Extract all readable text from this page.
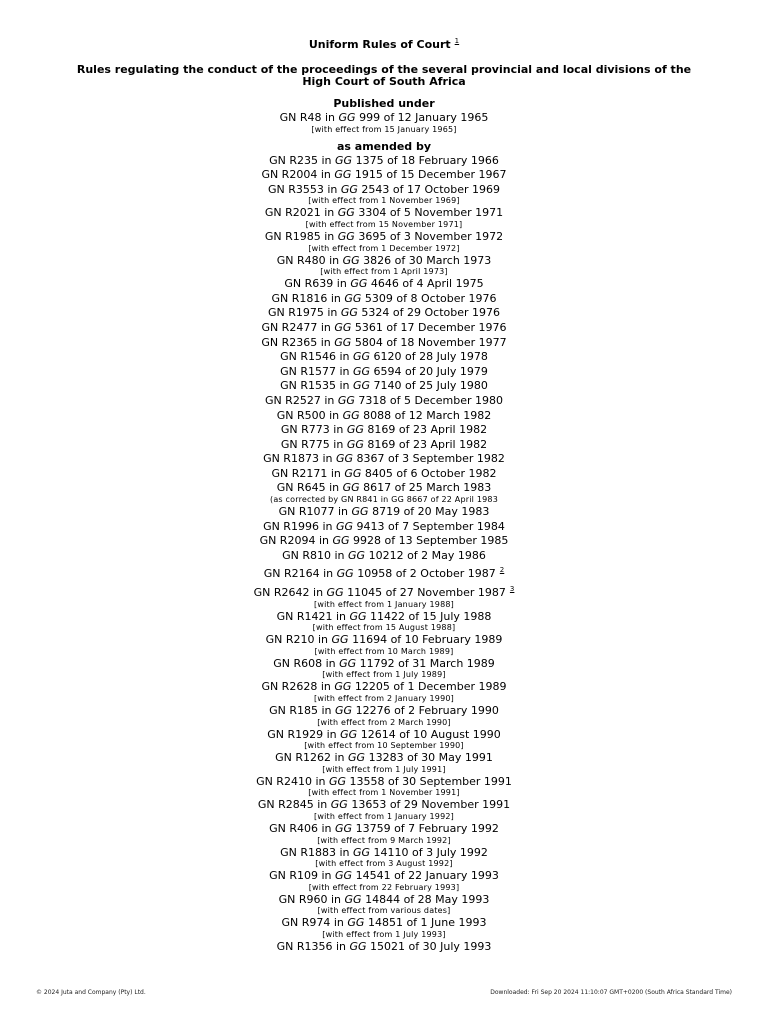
Uniform Rules of Court $^1$

Rules regulating the conduct of the proceedings of the several provincial and local divisions of the High Court of South Africa

Published under

GN R48 in GG 999 of 12 January 1965

[with effect from 15 January 1965]

as amended by

GN R235 in GG 1375 of 18 February 1966

GN R2004 in GG 1915 of 15 December 1967

GN R3553 in GG 2543 of 17 October 1969

[with effect from 1 November 1969]

GN R2021 in GG 3304 of 5 November 1971

[with effect from 15 November 1971]

GN R1985 in GG 3695 of 3 November 1972

[with effect from 1 December 1972]

GN R480 in GG 3826 of 30 March 1973

[with effect from 1 April 1973]

GN R639 in GG 4646 of 4 April 1975

GN R1816 in GG 5309 of 8 October 1976

GN R1975 in GG 5324 of 29 October 1976

GN R2477 in GG 5361 of 17 December 1976

GN R2365 in GG 5804 of 18 November 1977

GN R1546 in GG 6120 of 28 July 1978

GN R1577 in GG 6594 of 20 July 1979

GN R1535 in GG 7140 of 25 July 1980

GN R2527 in GG 7318 of 5 December 1980

GN R500 in GG 8088 of 12 March 1982

GN R773 in GG 8169 of 23 April 1982

GN R775 in GG 8169 of 23 April 1982

GN R1873 in GG 8367 of 3 September 1982

GN R2171 in GG 8405 of 6 October 1982

GN R645 in GG 8617 of 25 March 1983

(as corrected by GN R841 in GG 8667 of 22 April 1983

GN R1077 in GG 8719 of 20 May 1983

GN R1996 in GG 9413 of 7 September 1984

GN R2094 in GG 9928 of 13 September 1985

GN R810 in GG 10212 of 2 May 1986

GN R2164 in GG 10958 of 2 October 1987 $^2$

GN R2642 in GG 11045 of 27 November 1987 $^3$

[with effect from 1 January 1988]

GN R1421 in GG 11422 of 15 July 1988

[with effect from 15 August 1988]

GN R210 in GG 11694 of 10 February 1989

[with effect from 10 March 1989]

GN R608 in GG 11792 of 31 March 1989

[with effect from 1 July 1989]

GN R2628 in GG 12205 of 1 December 1989

[with effect from 2 January 1990]

GN R185 in GG 12276 of 2 February 1990

[with effect from 2 March 1990]

GN R1929 in GG 12614 of 10 August 1990

[with effect from 10 September 1990]

GN R1262 in GG 13283 of 30 May 1991

[with effect from 1 July 1991]

GN R2410 in GG 13558 of 30 September 1991

[with effect from 1 November 1991]

GN R2845 in GG 13653 of 29 November 1991

[with effect from 1 January 1992]

GN R406 in GG 13759 of 7 February 1992

[with effect from 9 March 1992]

GN R1883 in GG 14110 of 3 July 1992

[with effect from 3 August 1992]

GN R109 in GG 14541 of 22 January 1993

[with effect from 22 February 1993]

GN R960 in GG 14844 of 28 May 1993

[with effect from various dates]

GN R974 in GG 14851 of 1 June 1993

[with effect from 1 July 1993]

GN R1356 in GG 15021 of 30 July 1993

© 2024 Juta and Company (Pty) Ltd.	Downloaded: Fri Sep 20 2024 11:10:07 GMT+0200 (South Africa Standard Time)
